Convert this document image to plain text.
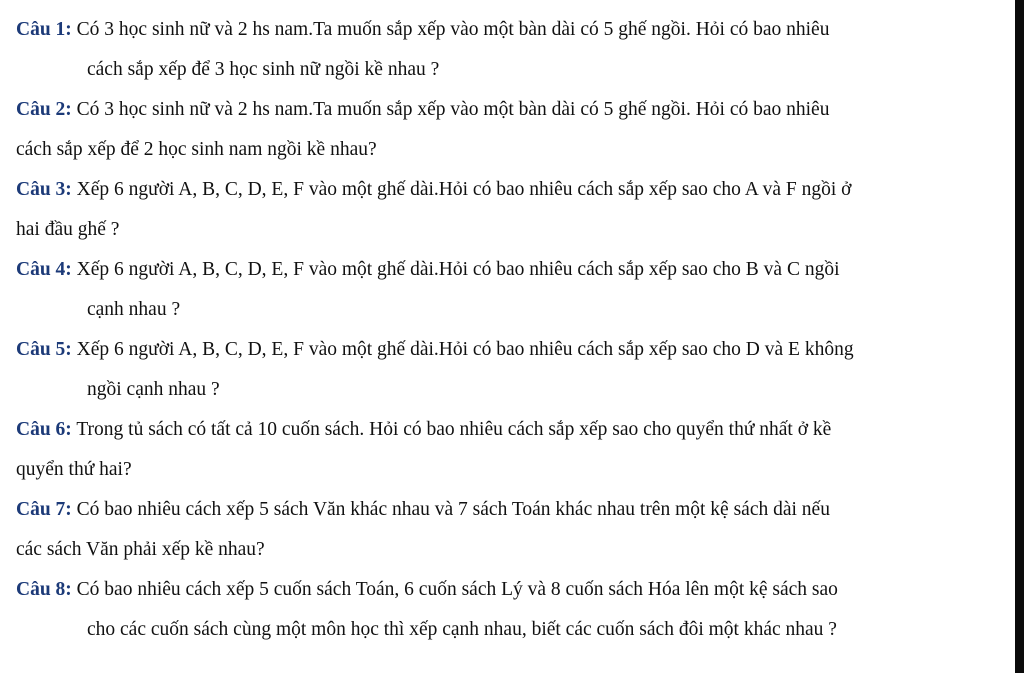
Câu 1: Có 3 học sinh nữ và 2 hs nam.Ta muốn sắp xếp vào một bàn dài có 5 ghế ngồi. Hỏi có bao nhiêu
cách sắp xếp để 3 học sinh nữ ngồi kề nhau ?
Câu 2: Có 3 học sinh nữ và 2 hs nam.Ta muốn sắp xếp vào một bàn dài có 5 ghế ngồi. Hỏi có bao nhiêu
cách sắp xếp để 2 học sinh nam ngồi kề nhau?
Câu 3: Xếp 6 người A, B, C, D, E, F vào một ghế dài.Hỏi có bao nhiêu cách sắp xếp sao cho A và F ngồi ở
hai đầu ghế ?
Câu 4: Xếp 6 người A, B, C, D, E, F vào một ghế dài.Hỏi có bao nhiêu cách sắp xếp sao cho B và C ngồi
cạnh nhau ?
Câu 5: Xếp 6 người A, B, C, D, E, F vào một ghế dài.Hỏi có bao nhiêu cách sắp xếp sao cho D và E không
ngồi cạnh nhau ?
Câu 6: Trong tủ sách có tất cả 10 cuốn sách. Hỏi có bao nhiêu cách sắp xếp sao cho quyển thứ nhất ở kề
quyển thứ hai?
Câu 7: Có bao nhiêu cách xếp 5 sách Văn khác nhau và 7 sách Toán khác nhau trên một kệ sách dài nếu
các sách Văn phải xếp kề nhau?
Câu 8: Có bao nhiêu cách xếp 5 cuốn sách Toán, 6 cuốn sách Lý và 8 cuốn sách Hóa lên một kệ sách sao
cho các cuốn sách cùng một môn học thì xếp cạnh nhau, biết các cuốn sách đôi một khác nhau ?
